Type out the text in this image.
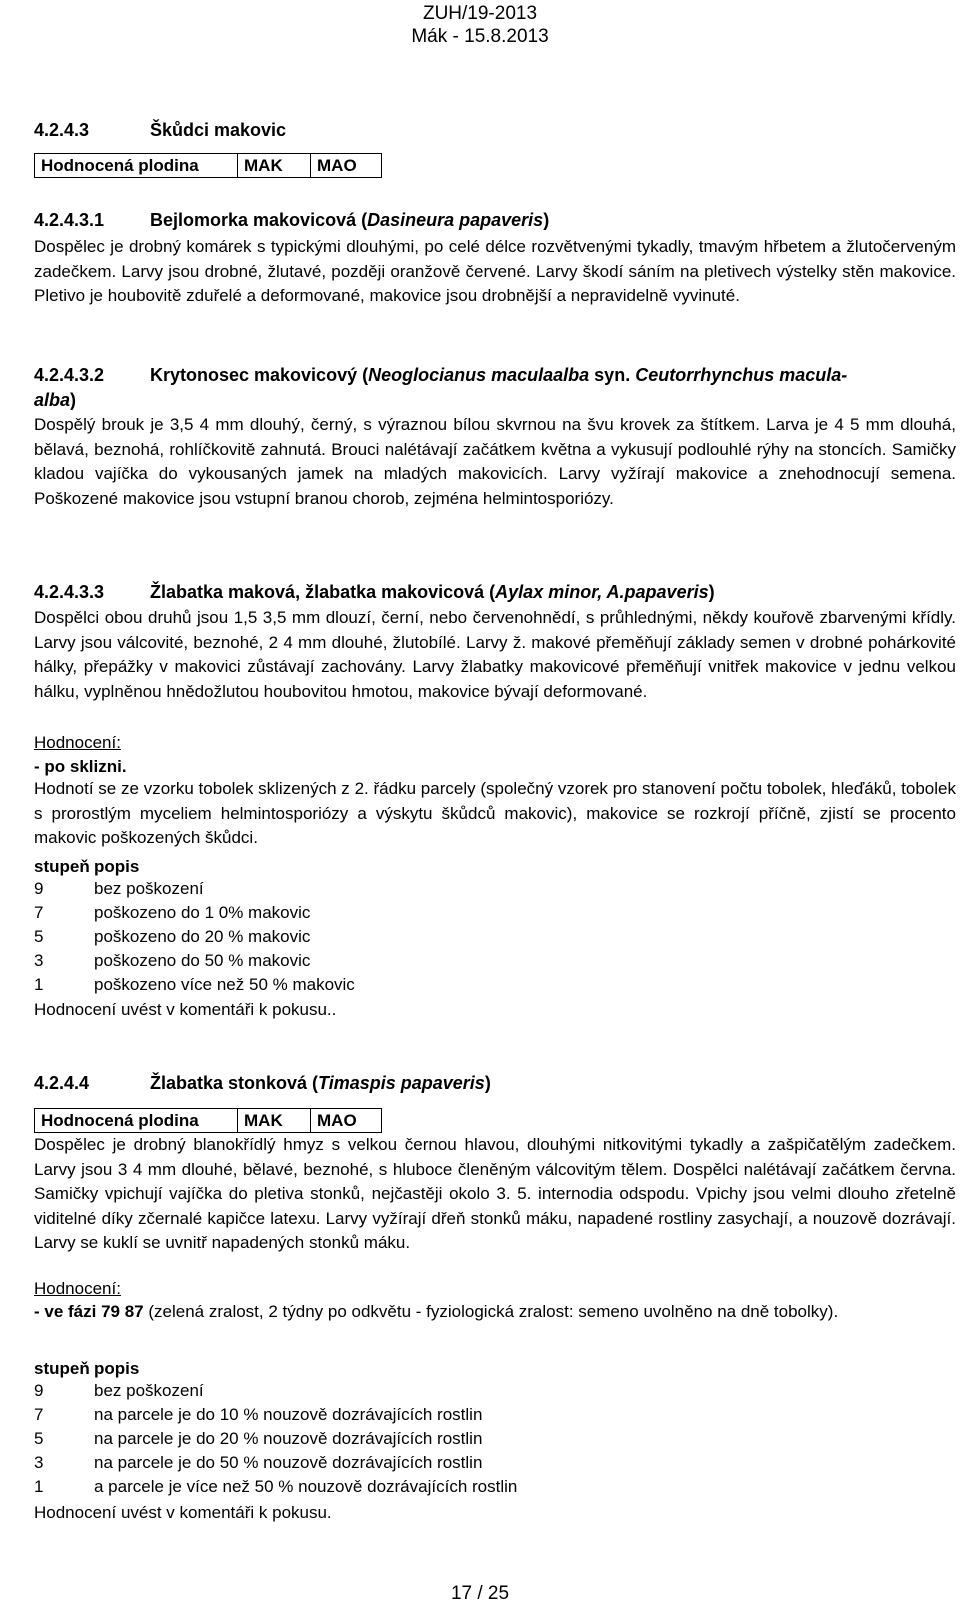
ZUH/19-2013
Mák - 15.8.2013
4.2.4.3	Škůdci makovic
Hodnocená plodina	MAK	MAO
4.2.4.3.1	Bejlomorka makovicová (Dasineura papaveris)
Dospělec je drobný komárek s typickými dlouhými, po celé délce rozvětvenými tykadly, tmavým hřbetem a žlutočerveným zadečkem. Larvy jsou drobné, žlutavé, později oranžově červené. Larvy škodí sáním na pletivech výstelky stěn makovice. Pletivo je houbovitě zduřelé a deformované, makovice jsou drobnější a nepravidelně vyvinuté.
4.2.4.3.2	Krytonosec makovicový (Neoglocianus maculaalba syn. Ceutorrhynchus macula-
alba)
Dospělý brouk je 3,5 4 mm dlouhý, černý, s výraznou bílou skvrnou na švu krovek za štítkem. Larva je 4 5 mm dlouhá, bělavá, beznohá, rohlíčkovitě zahnutá. Brouci nalétávají začátkem května a vykusují podlouhlé rýhy na stoncích. Samičky kladou vajíčka do vykousaných jamek na mladých makovicích. Larvy vyžírají makovice a znehodnocují semena. Poškozené makovice jsou vstupní branou chorob, zejména helmintosporiózy.
4.2.4.3.3	Žlabatka maková, žlabatka makovicová (Aylax minor, A.papaveris)
Dospělci obou druhů jsou 1,5 3,5 mm dlouzí, černí, nebo červenohnědí, s průhlednými, někdy kouřově zbarvenými křídly. Larvy jsou válcovité, beznohé, 2 4 mm dlouhé, žlutobílé. Larvy ž. makové přeměňují základy semen v drobné pohárkovité hálky, přepážky v makovici zůstávají zachovány. Larvy žlabatky makovicové přeměňují vnitřek makovice v jednu velkou hálku, vyplněnou hnědožlutou houbovitou hmotou, makovice bývají deformované.
Hodnocení:
- po sklizni.
Hodnotí se ze vzorku tobolek sklizených z 2. řádku parcely (společný vzorek pro stanovení počtu tobolek, hleďáků, tobolek s prorostlým myceliem helmintosporiózy a výskytu škůdců makovic), makovice se rozkrojí příčně, zjistí se procento makovic poškozených škůdci.
stupeň	popis
9	bez poškození
7	poškozeno do 1 0% makovic
5	poškozeno do 20 % makovic
3	poškozeno do 50 % makovic
1	poškozeno více než 50 % makovic
Hodnocení uvést v komentáři k pokusu..
4.2.4.4	Žlabatka stonková (Timaspis papaveris)
Hodnocená plodina	MAK	MAO
Dospělec je drobný blanokřídlý hmyz s velkou černou hlavou, dlouhými nitkovitými tykadly a zašpičatělým zadečkem. Larvy jsou 3 4 mm dlouhé, bělavé, beznohé, s hluboce členěným válcovitým tělem. Dospělci nalétávají začátkem června. Samičky vpichují vajíčka do pletiva stonků, nejčastěji okolo 3. 5. internodia odspodu. Vpichy jsou velmi dlouho zřetelně viditelné díky zčernalé kapičce latexu. Larvy vyžírají dřeň stonků máku, napadené rostliny zasychají, a nouzově dozrávají. Larvy se kuklí se uvnitř napadených stonků máku.
Hodnocení:
- ve fázi 79 87 (zelená zralost, 2 týdny po odkvětu - fyziologická zralost: semeno uvolněno na dně tobolky).
stupeň	popis
9	bez poškození
7	na parcele je do 10 % nouzově dozrávajících rostlin
5	na parcele je do 20 % nouzově dozrávajících rostlin
3	na parcele je do 50 % nouzově dozrávajících rostlin
1	a parcele je více než 50 % nouzově dozrávajících rostlin
Hodnocení uvést v komentáři k pokusu.
17 / 25
